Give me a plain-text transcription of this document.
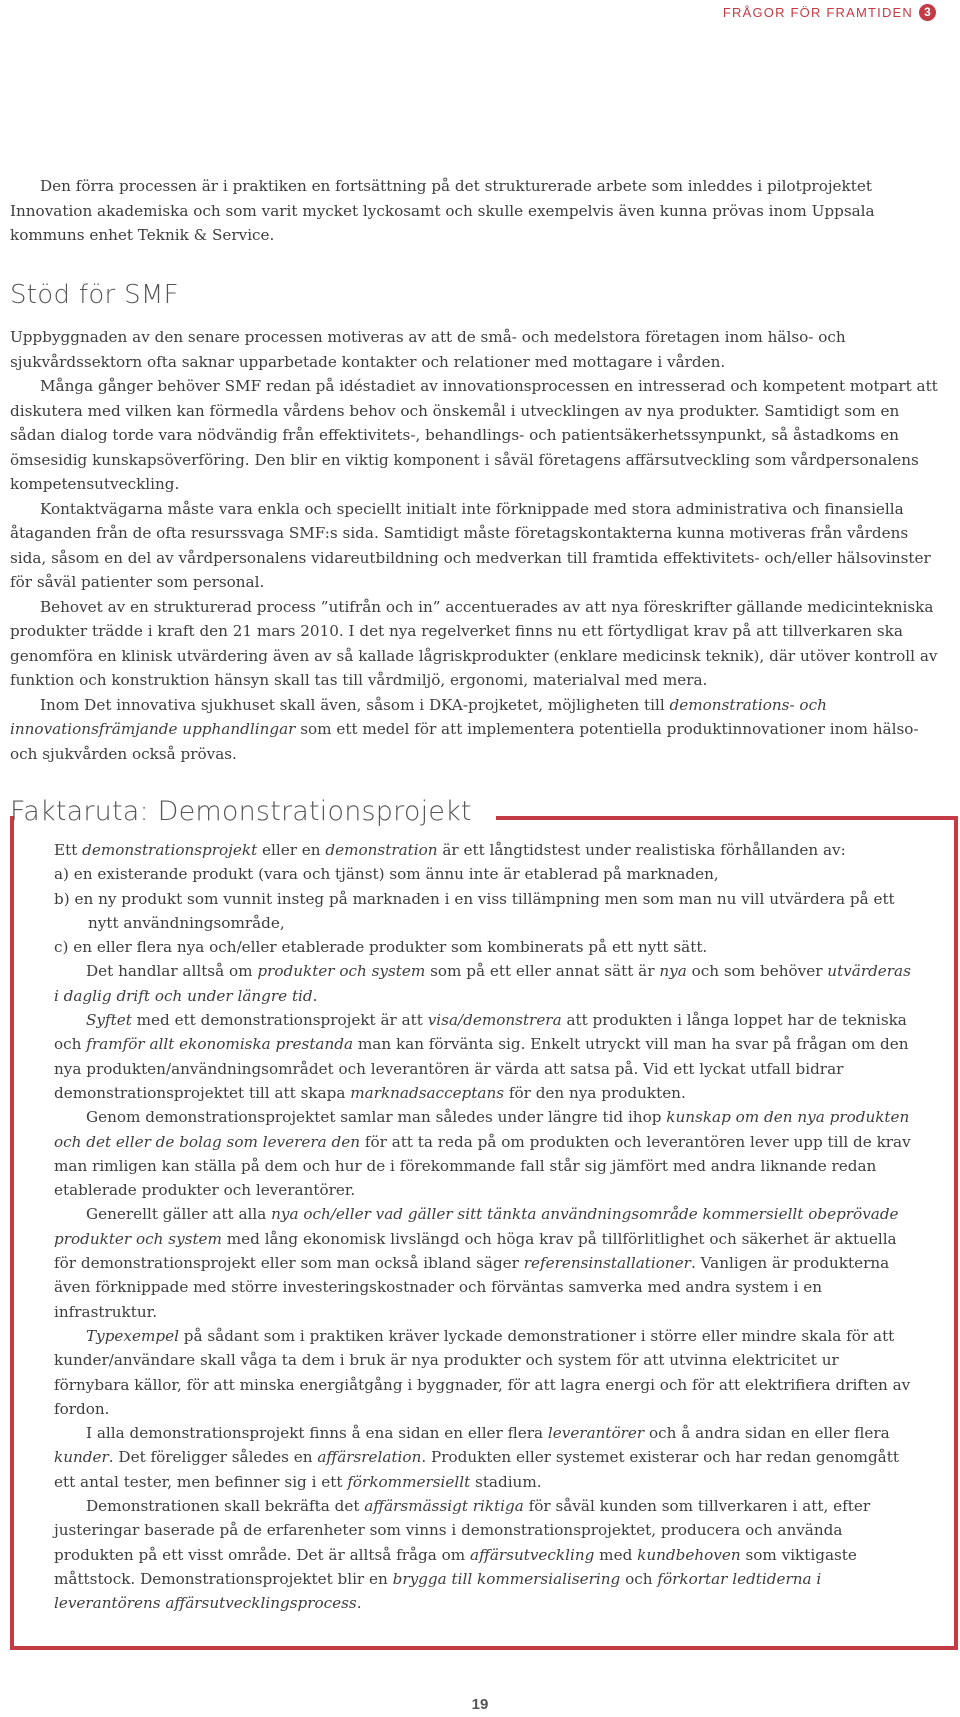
FRÅGOR FÖR FRAMTIDEN 3

Den förra processen är i praktiken en fortsättning på det strukturerade arbete som inleddes i pilotprojektet Innovation akademiska och som varit mycket lyckosamt och skulle exempelvis även kunna prövas inom Uppsala kommuns enhet Teknik & Service.

Stöd för SMF

Uppbyggnaden av den senare processen motiveras av att de små- och medelstora företagen inom hälso- och sjukvårdssektorn ofta saknar upparbetade kontakter och relationer med mottagare i vården.

Många gånger behöver SMF redan på idéstadiet av innovationsprocessen en intresserad och kompetent motpart att diskutera med vilken kan förmedla vårdens behov och önskemål i utvecklingen av nya produkter. Samtidigt som en sådan dialog torde vara nödvändig från effektivitets-, behandlings- och patientsäkerhetssynpunkt, så åstadkoms en ömsesidig kunskapsöverföring. Den blir en viktig komponent i såväl företagens affärsutveckling som vårdpersonalens kompetensutveckling.

Kontaktvägarna måste vara enkla och speciellt initialt inte förknippade med stora administrativa och finansiella åtaganden från de ofta resurssvaga SMF:s sida. Samtidigt måste företagskontakterna kunna motiveras från vårdens sida, såsom en del av vårdpersonalens vidareutbildning och medverkan till framtida effektivitets- och/eller hälsovinster för såväl patienter som personal.

Behovet av en strukturerad process ”utifrån och in” accentuerades av att nya föreskrifter gällande medicintekniska produkter trädde i kraft den 21 mars 2010. I det nya regelverket finns nu ett förtydligat krav på att tillverkaren ska genomföra en klinisk utvärdering även av så kallade lågriskprodukter (enklare medicinsk teknik), där utöver kontroll av funktion och konstruktion hänsyn skall tas till vårdmiljö, ergonomi, materialval med mera.

Inom Det innovativa sjukhuset skall även, såsom i DKA-projketet, möjligheten till demonstrations- och innovationsfrämjande upphandlingar som ett medel för att implementera potentiella produktinnovationer inom hälso- och sjukvården också prövas.

Faktaruta: Demonstrationsprojekt

Ett demonstrationsprojekt eller en demonstration är ett långtidstest under realistiska förhållanden av:

a) en existerande produkt (vara och tjänst) som ännu inte är etablerad på marknaden,

b) en ny produkt som vunnit insteg på marknaden i en viss tillämpning men som man nu vill utvärdera på ett nytt användningsområde,

c) en eller flera nya och/eller etablerade produkter som kombinerats på ett nytt sätt.

Det handlar alltså om produkter och system som på ett eller annat sätt är nya och som behöver utvärderas i daglig drift och under längre tid.

Syftet med ett demonstrationsprojekt är att visa/demonstrera att produkten i långa loppet har de tekniska och framför allt ekonomiska prestanda man kan förvänta sig. Enkelt utryckt vill man ha svar på frågan om den nya produkten/användningsområdet och leverantören är värda att satsa på. Vid ett lyckat utfall bidrar demonstrationsprojektet till att skapa marknadsacceptans för den nya produkten.

Genom demonstrationsprojektet samlar man således under längre tid ihop kunskap om den nya produkten och det eller de bolag som leverera den för att ta reda på om produkten och leverantören lever upp till de krav man rimligen kan ställa på dem och hur de i förekommande fall står sig jämfört med andra liknande redan etablerade produkter och leverantörer.

Generellt gäller att alla nya och/eller vad gäller sitt tänkta användningsområde kommersiellt obeprövade produkter och system med lång ekonomisk livslängd och höga krav på tillförlitlighet och säkerhet är aktuella för demonstrationsprojekt eller som man också ibland säger referensinstallationer. Vanligen är produkterna även förknippade med större investeringskostnader och förväntas samverka med andra system i en infrastruktur.

Typexempel på sådant som i praktiken kräver lyckade demonstrationer i större eller mindre skala för att kunder/användare skall våga ta dem i bruk är nya produkter och system för att utvinna elektricitet ur förnybara källor, för att minska energiåtgång i byggnader, för att lagra energi och för att elektrifiera driften av fordon.

I alla demonstrationsprojekt finns å ena sidan en eller flera leverantörer och å andra sidan en eller flera kunder. Det föreligger således en affärsrelation. Produkten eller systemet existerar och har redan genomgått ett antal tester, men befinner sig i ett förkommersiellt stadium.

Demonstrationen skall bekräfta det affärsmässigt riktiga för såväl kunden som tillverkaren i att, efter justeringar baserade på de erfarenheter som vinns i demonstrationsprojektet, producera och använda produkten på ett visst område. Det är alltså fråga om affärsutveckling med kundbehoven som viktigaste måttstock. Demonstrationsprojektet blir en brygga till kommersialisering och förkortar ledtiderna i leverantörens affärsutvecklingsprocess.

19
